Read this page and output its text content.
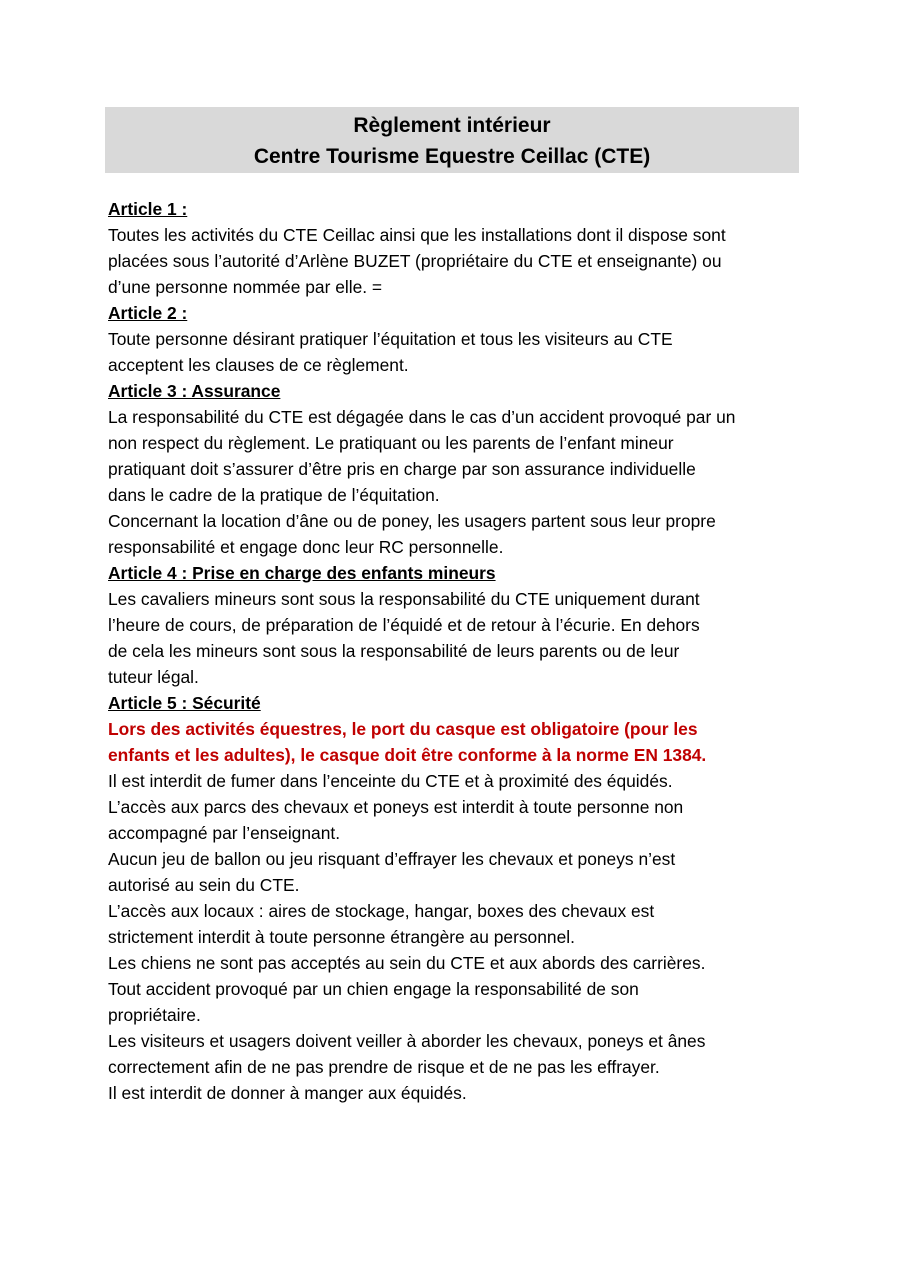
Règlement intérieur
Centre Tourisme Equestre Ceillac (CTE)
Article 1 :
Toutes les activités du CTE Ceillac ainsi que les installations dont il dispose sont
placées sous l’autorité d’Arlène BUZET (propriétaire du CTE et enseignante) ou
d’une personne nommée par elle. =
Article 2 :
Toute personne désirant pratiquer l’équitation et tous les visiteurs au CTE
acceptent les clauses de ce règlement.
Article 3 : Assurance
La responsabilité du CTE est dégagée dans le cas d’un accident provoqué par un
non respect du règlement. Le pratiquant ou les parents de l’enfant mineur
pratiquant doit s’assurer d’être pris en charge par son assurance individuelle
dans le cadre de la pratique de l’équitation.
Concernant la location d’âne ou de poney, les usagers partent sous leur propre
responsabilité et engage donc leur RC personnelle.
Article 4 : Prise en charge des enfants mineurs
Les cavaliers mineurs sont sous la responsabilité du CTE uniquement durant
l’heure de cours, de préparation de l’équidé et de retour à l’écurie. En dehors
de cela les mineurs sont sous la responsabilité de leurs parents ou de leur
tuteur légal.
Article 5 : Sécurité
Lors des activités équestres, le port du casque est obligatoire (pour les
enfants et les adultes), le casque doit être conforme à la norme EN 1384.
Il est interdit de fumer dans l’enceinte du CTE et à proximité des équidés.
L’accès aux parcs des chevaux et poneys est interdit à toute personne non
accompagné par l’enseignant.
Aucun jeu de ballon ou jeu risquant d’effrayer les chevaux et poneys n’est
autorisé au sein du CTE.
L’accès aux locaux : aires de stockage, hangar, boxes des chevaux est
strictement interdit à toute personne étrangère au personnel.
Les chiens ne sont pas acceptés au sein du CTE et aux abords des carrières.
Tout accident provoqué par un chien engage la responsabilité de son
propriétaire.
Les visiteurs et usagers doivent veiller à aborder les chevaux, poneys et ânes
correctement afin de ne pas prendre de risque et de ne pas les effrayer.
Il est interdit de donner à manger aux équidés.
